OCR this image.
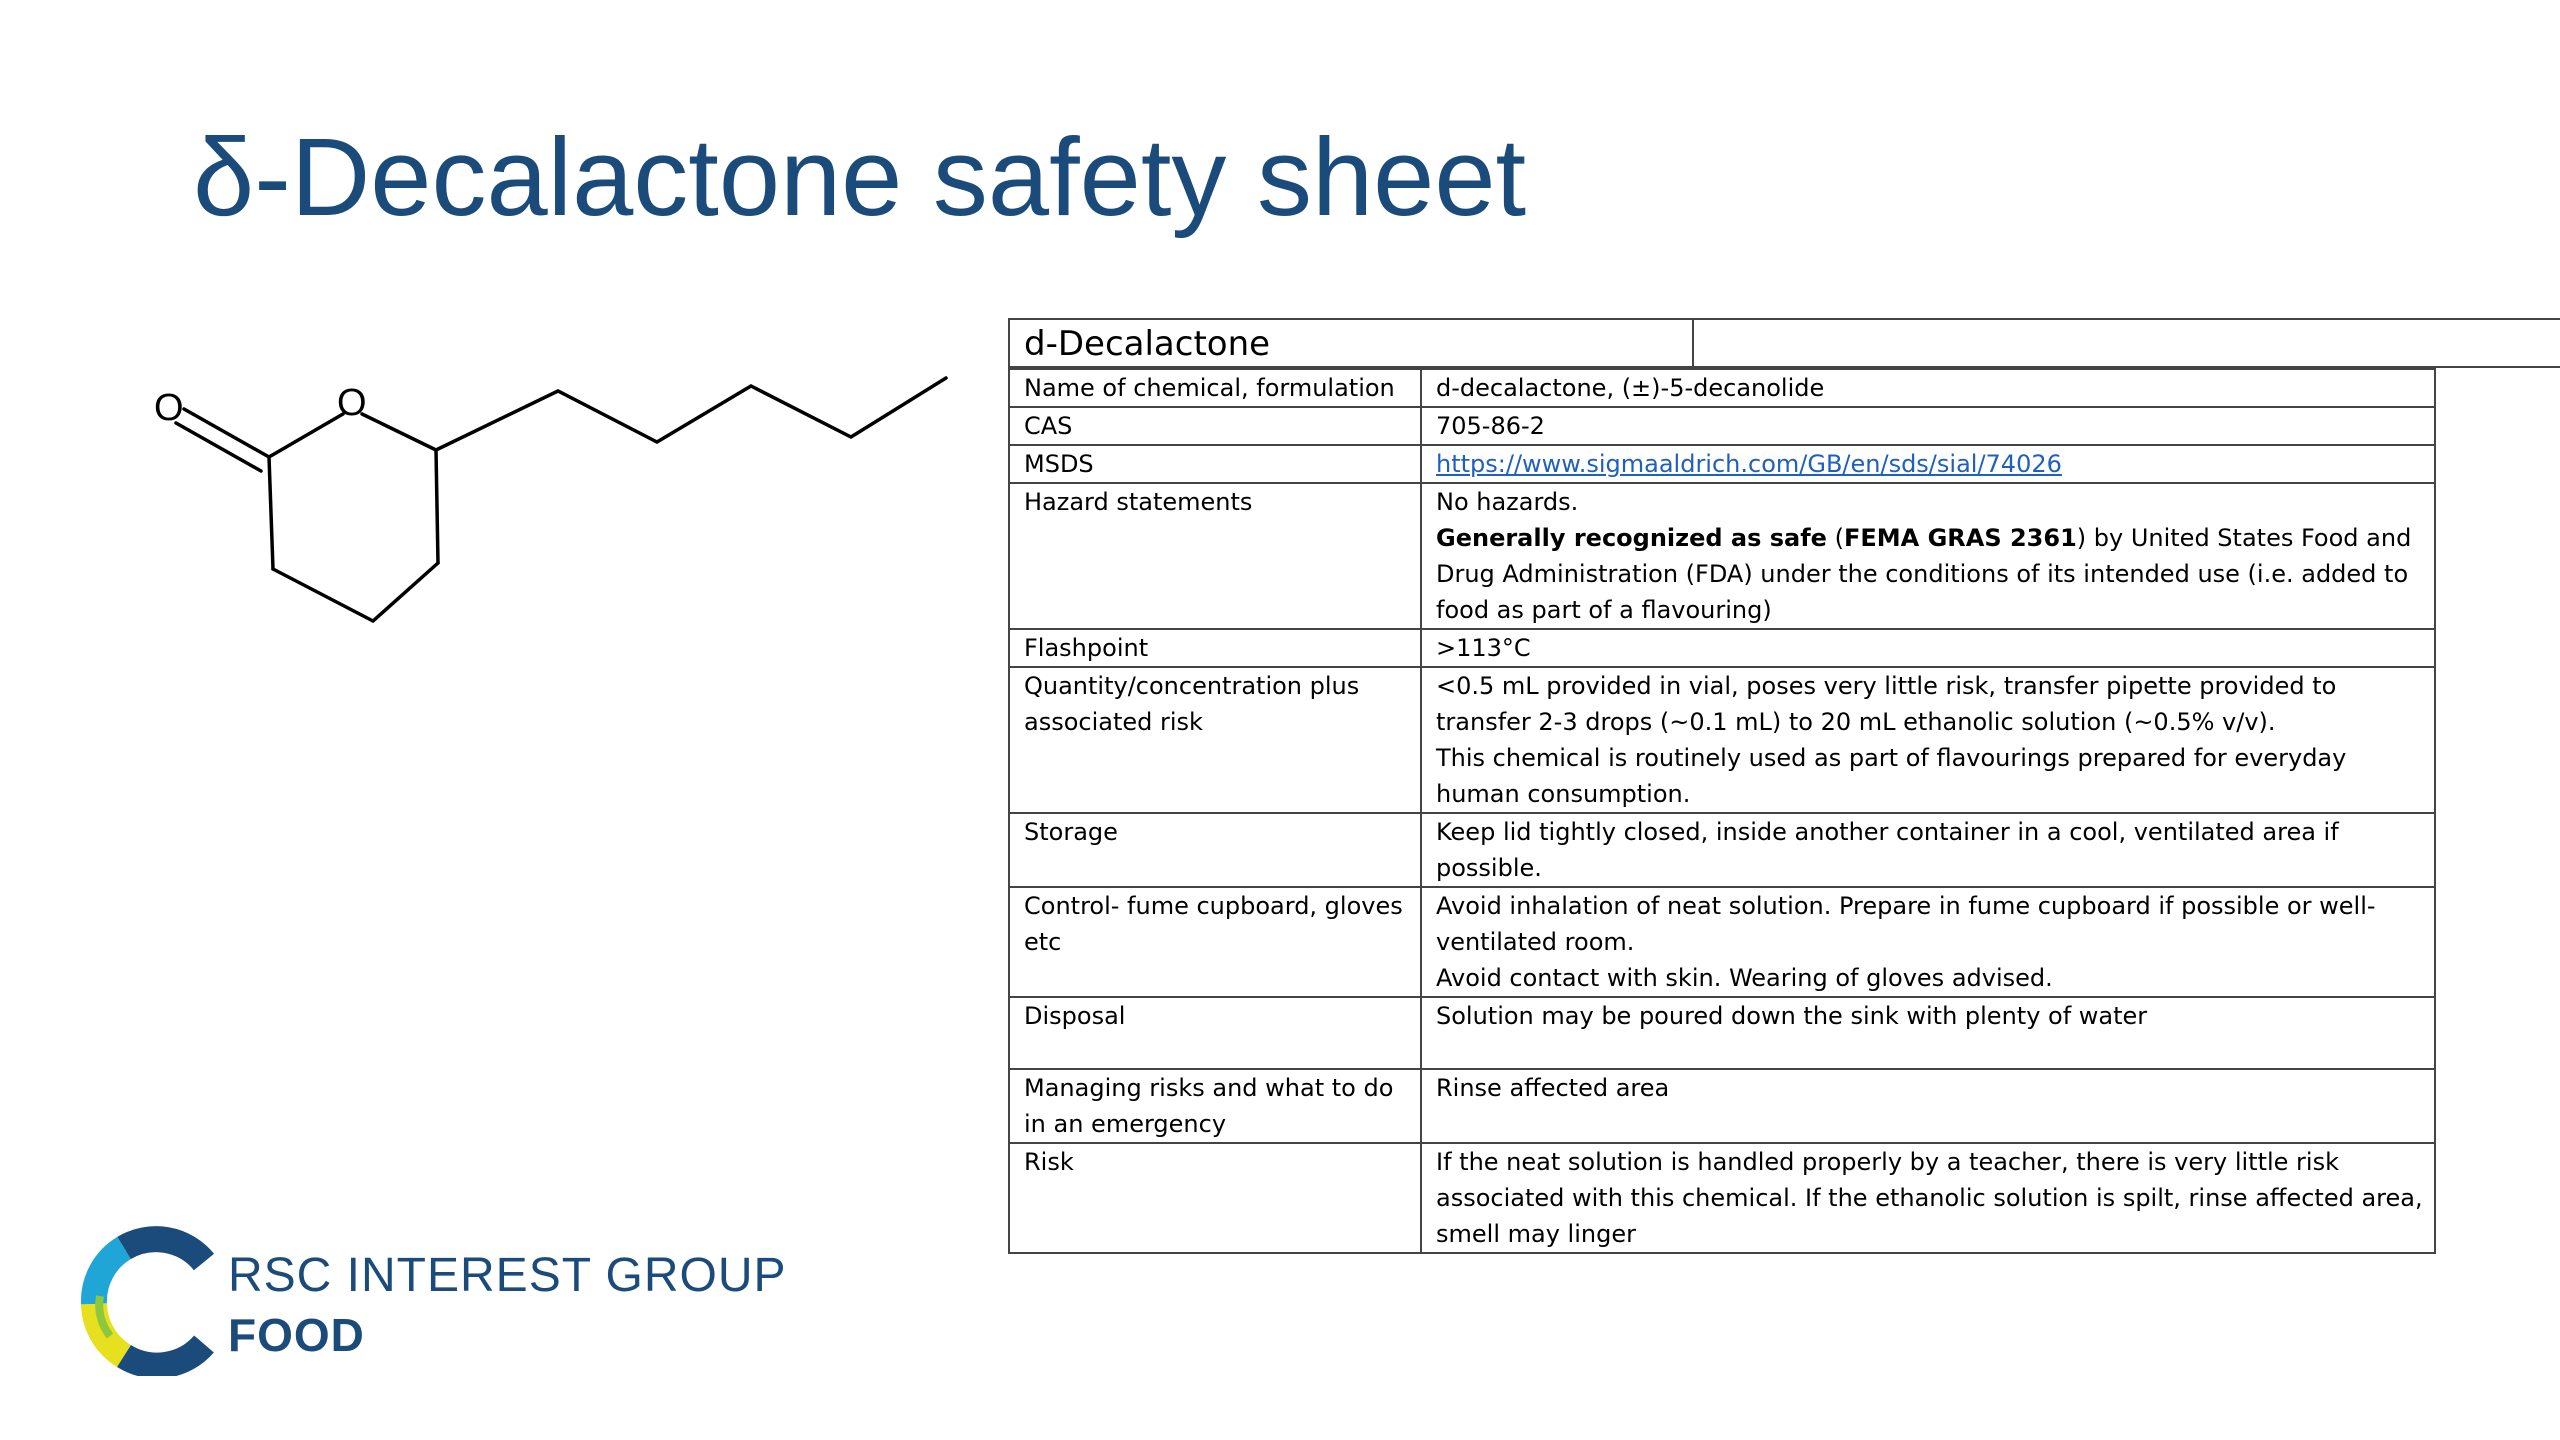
δ-Decalactone safety sheet
O	O
d-Decalactone
Name of chemical, formulation	d-decalactone, (±)-5-decanolide
CAS	705-86-2
MSDS	https://www.sigmaaldrich.com/GB/en/sds/sial/74026
Hazard statements	No hazards.
Generally recognized as safe (FEMA GRAS 2361) by United States Food and Drug Administration (FDA) under the conditions of its intended use (i.e. added to food as part of a flavouring)
Flashpoint	>113°C
Quantity/concentration plus associated risk	<0.5 mL provided in vial, poses very little risk, transfer pipette provided to transfer 2-3 drops (~0.1 mL) to 20 mL ethanolic solution (~0.5% v/v).
This chemical is routinely used as part of flavourings prepared for everyday human consumption.

Storage	Keep lid tightly closed, inside another container in a cool, ventilated area if possible.
Control- fume cupboard, gloves etc	Avoid inhalation of neat solution. Prepare in fume cupboard if possible or well-ventilated room.
Avoid contact with skin. Wearing of gloves advised.

Disposal	Solution may be poured down the sink with plenty of water
Managing risks and what to do in an emergency	Rinse affected area
Risk	If the neat solution is handled properly by a teacher, there is very little risk associated with this chemical. If the ethanolic solution is spilt, rinse affected area, smell may linger
RSC INTEREST GROUP
FOOD
